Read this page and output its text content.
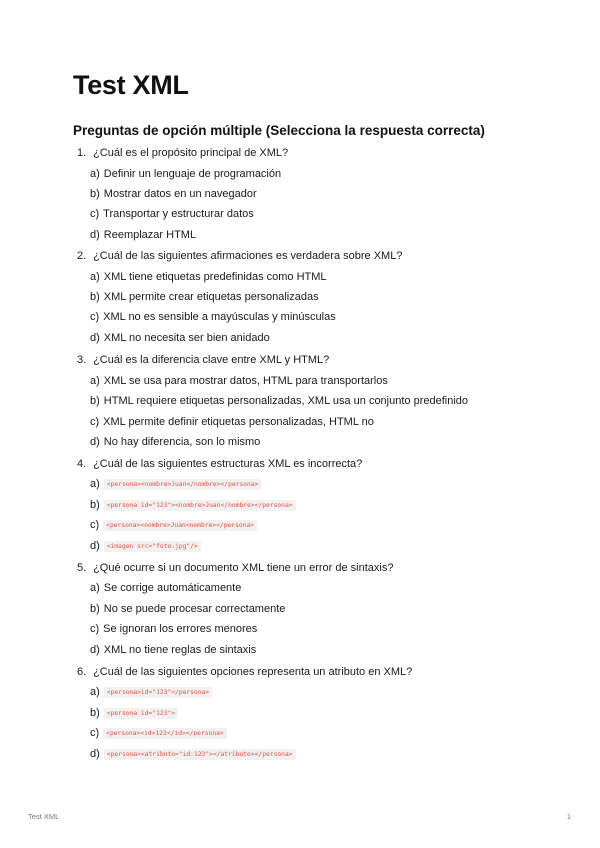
Test XML
Preguntas de opción múltiple (Selecciona la respuesta correcta)
1. ¿Cuál es el propósito principal de XML?
a) Definir un lenguaje de programación
b) Mostrar datos en un navegador
c) Transportar y estructurar datos
d) Reemplazar HTML
2. ¿Cuál de las siguientes afirmaciones es verdadera sobre XML?
a) XML tiene etiquetas predefinidas como HTML
b) XML permite crear etiquetas personalizadas
c) XML no es sensible a mayúsculas y minúsculas
d) XML no necesita ser bien anidado
3. ¿Cuál es la diferencia clave entre XML y HTML?
a) XML se usa para mostrar datos, HTML para transportarlos
b) HTML requiere etiquetas personalizadas, XML usa un conjunto predefinido
c) XML permite definir etiquetas personalizadas, HTML no
d) No hay diferencia, son lo mismo
4. ¿Cuál de las siguientes estructuras XML es incorrecta?
a)	<persona><nombre>Juan</nombre></persona>
b)	<persona id="123"><nombre>Juan</nombre></persona>
c)	<persona><nombre>Juan<nombre></persona>
d)	<imagen src="foto.jpg"/>
5. ¿Qué ocurre si un documento XML tiene un error de sintaxis?
a) Se corrige automáticamente
b) No se puede procesar correctamente
c) Se ignoran los errores menores
d) XML no tiene reglas de sintaxis
6. ¿Cuál de las siguientes opciones representa un atributo en XML?
a)	<persona>id="123"</persona>
b)	<persona id="123">
c)	<persona><id>123</id></persona>
d)	<persona><atributo="id:123"></atributo></persona>
Test XML	1
